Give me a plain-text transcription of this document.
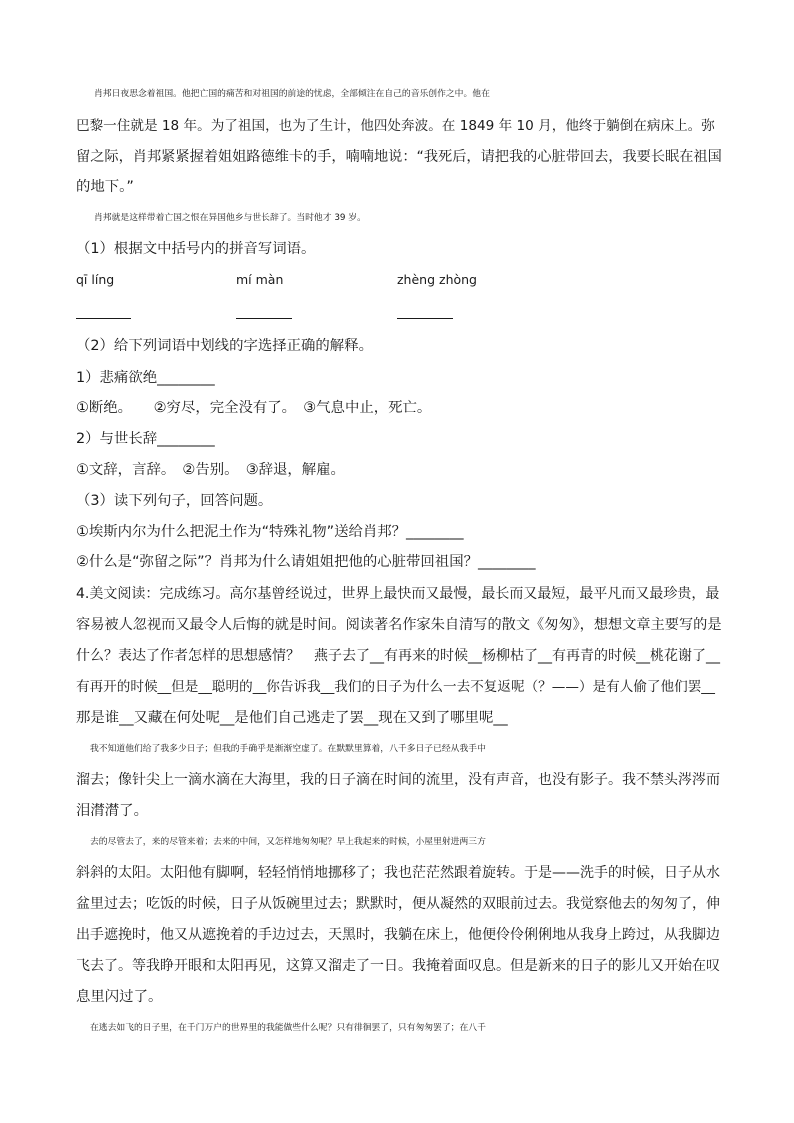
肖邦日夜思念着祖国。他把亡国的痛苦和对祖国的前途的忧虑，全部倾注在自己的音乐创作之中。他在
巴黎一住就是 18 年。为了祖国，也为了生计，他四处奔波。在 1849 年 10 月，他终于躺倒在病床上。弥
留之际，肖邦紧紧握着姐姐路德维卡的手，喃喃地说：“我死后，请把我的心脏带回去，我要长眠在祖国
的地下。”
肖邦就是这样带着亡国之恨在异国他乡与世长辞了。当时他才 39 岁。
（1）根据文中括号内的拼音写词语。
qī líng	mí màn	zhèng zhòng
（2）给下列词语中划线的字选择正确的解释。
1）悲痛欲绝________
①断绝。　　②穷尽，完全没有了。　③气息中止，死亡。
2）与世长辞________
①文辞，言辞。　②告别。　③辞退，解雇。
（3）读下列句子，回答问题。
①埃斯内尔为什么把泥土作为“特殊礼物”送给肖邦？________
②什么是“弥留之际”？肖邦为什么请姐姐把他的心脏带回祖国？________
4.美文阅读：完成练习。高尔基曾经说过，世界上最快而又最慢，最长而又最短，最平凡而又最珍贵，最
容易被人忽视而又最令人后悔的就是时间。阅读著名作家朱自清写的散文《匆匆》，想想文章主要写的是
什么？表达了作者怎样的思想感情？　燕子去了__有再来的时候__杨柳枯了__有再青的时候__桃花谢了__
有再开的时候__但是__聪明的__你告诉我__我们的日子为什么一去不复返呢（？——）是有人偷了他们罢__
那是谁__又藏在何处呢__是他们自己逃走了罢__现在又到了哪里呢__
我不知道他们给了我多少日子；但我的手确乎是渐渐空虚了。在默默里算着，八千多日子已经从我手中
溜去；像针尖上一滴水滴在大海里，我的日子滴在时间的流里，没有声音，也没有影子。我不禁头涔涔而
泪潸潸了。
去的尽管去了，来的尽管来着；去来的中间，又怎样地匆匆呢？早上我起来的时候，小屋里射进两三方
斜斜的太阳。太阳他有脚啊，轻轻悄悄地挪移了；我也茫茫然跟着旋转。于是——洗手的时候，日子从水
盆里过去；吃饭的时候，日子从饭碗里过去；默默时，便从凝然的双眼前过去。我觉察他去的匆匆了，伸
出手遮挽时，他又从遮挽着的手边过去，天黑时，我躺在床上，他便伶伶俐俐地从我身上跨过，从我脚边
飞去了。等我睁开眼和太阳再见，这算又溜走了一日。我掩着面叹息。但是新来的日子的影儿又开始在叹
息里闪过了。
在逃去如飞的日子里，在千门万户的世界里的我能做些什么呢？只有徘徊罢了，只有匆匆罢了；在八千
